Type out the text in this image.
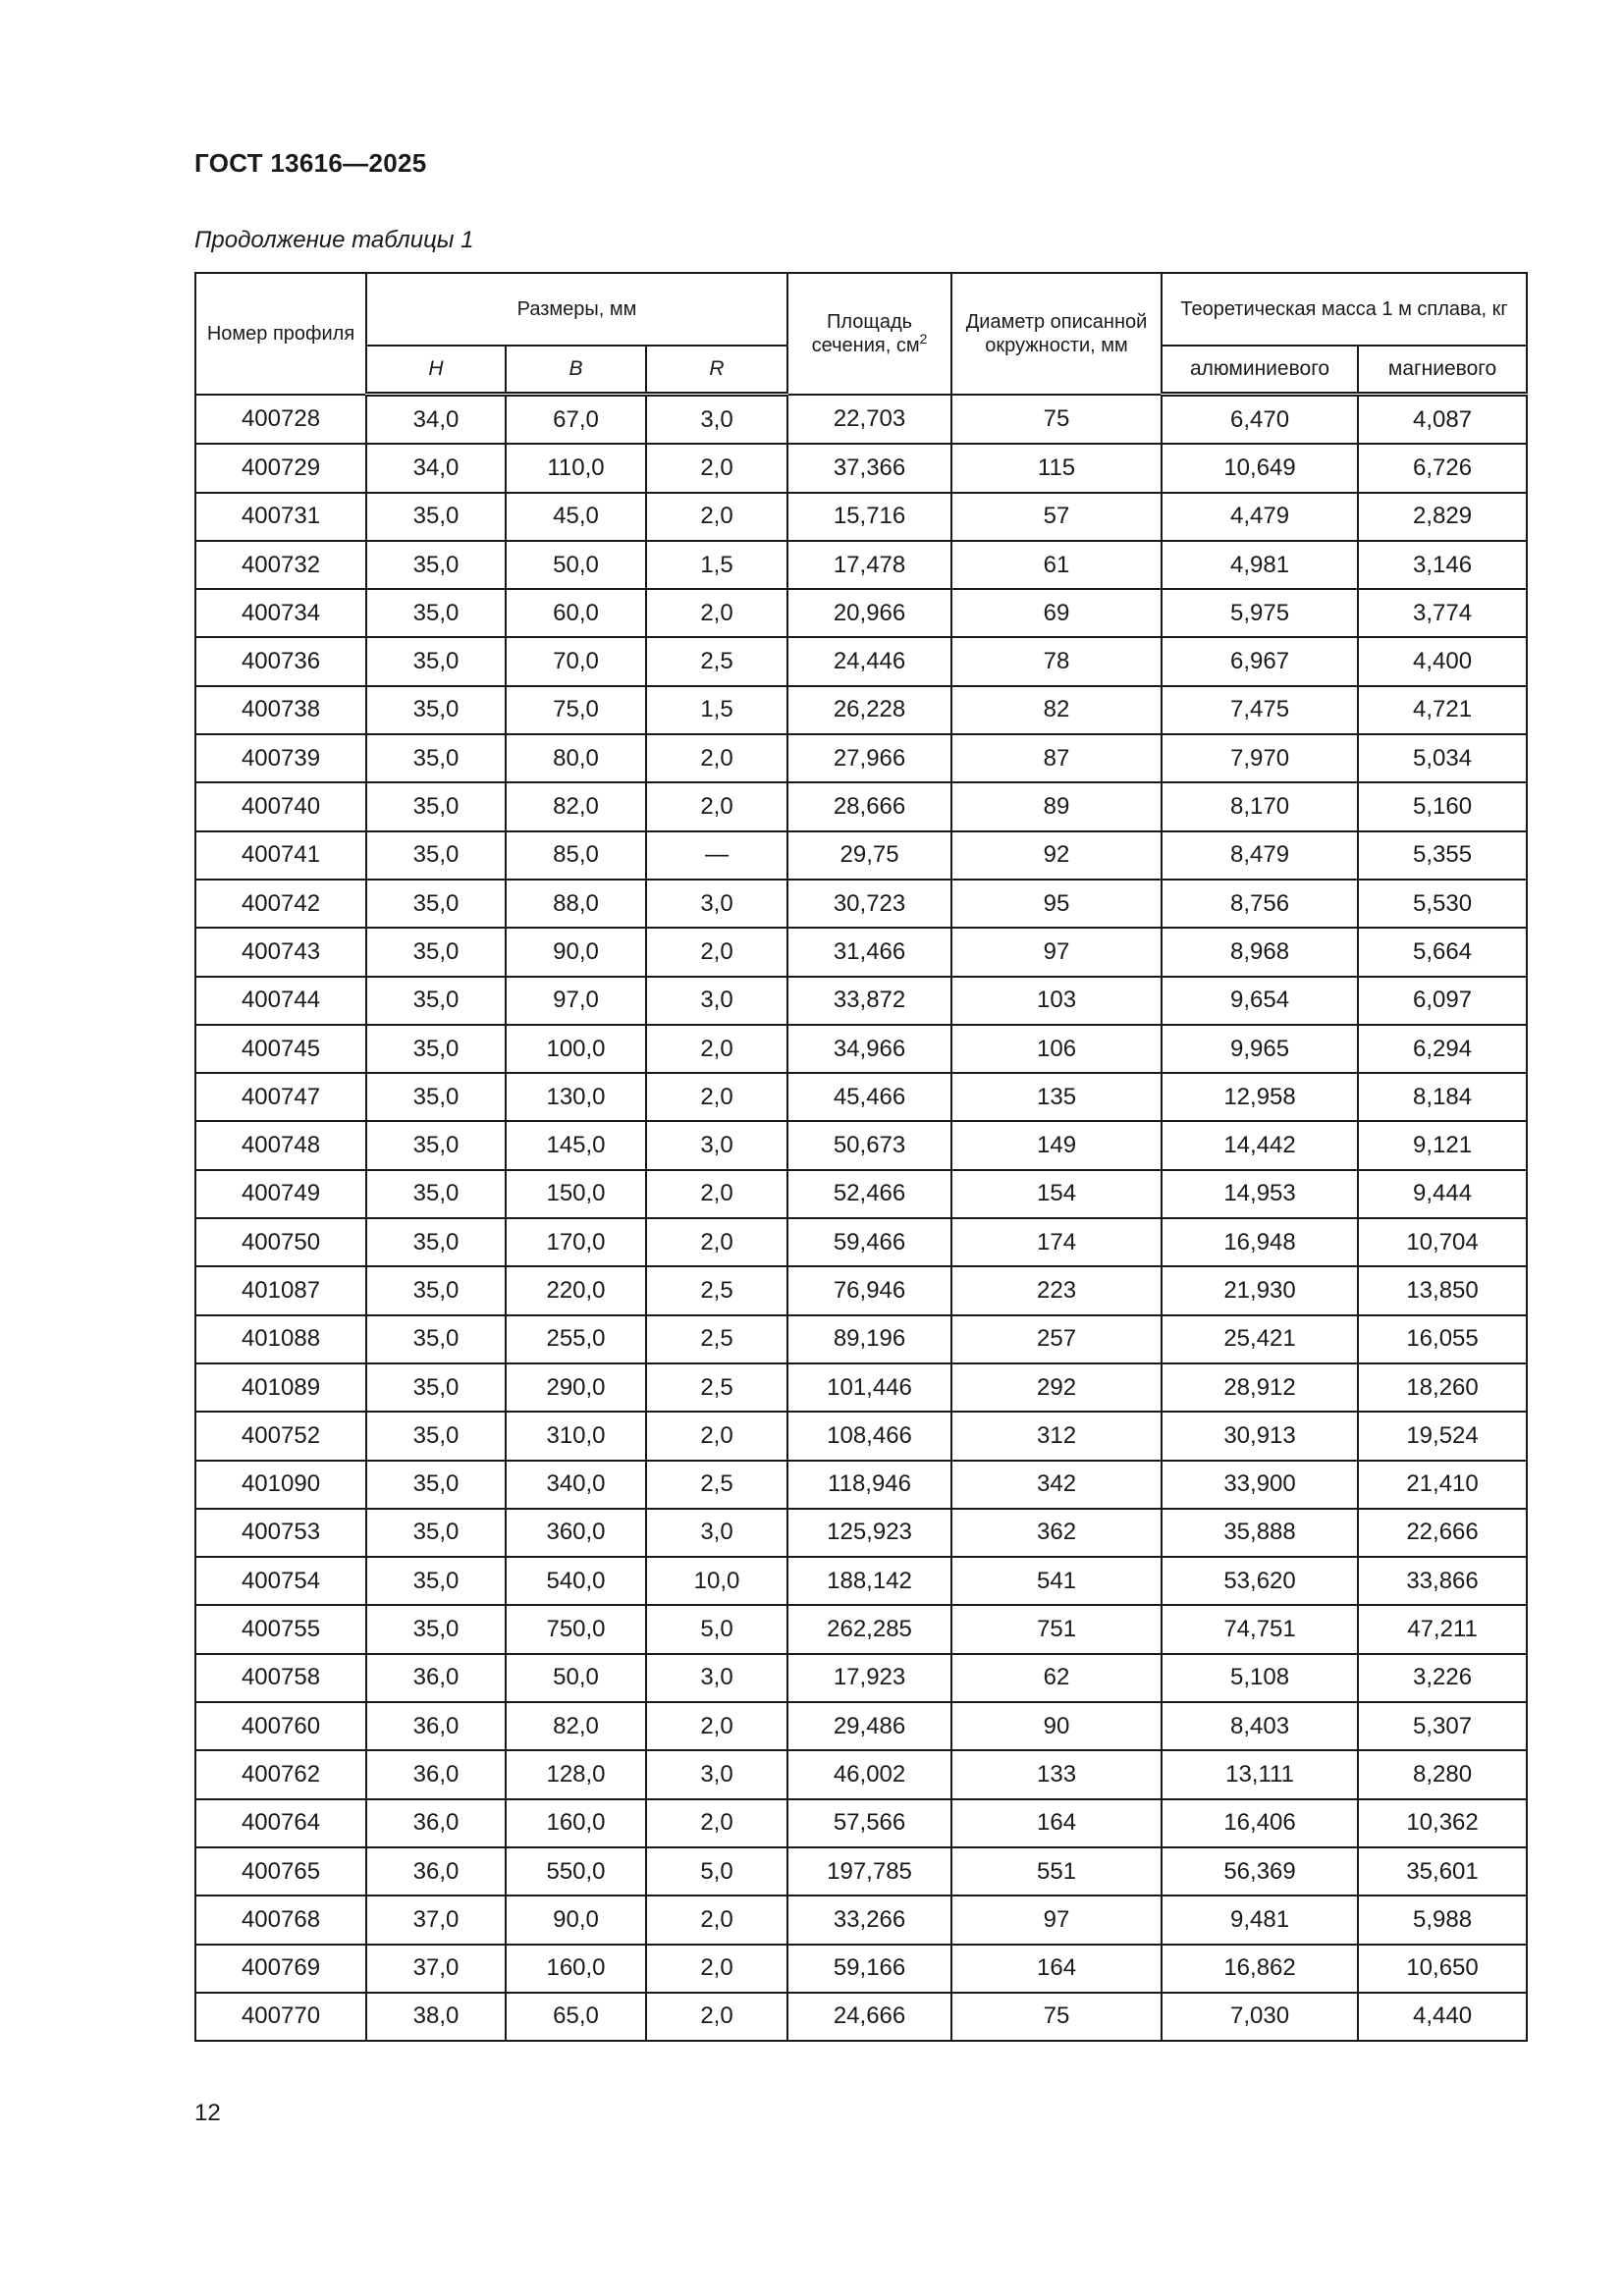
ГОСТ 13616—2025
Продолжение таблицы 1
Номер профиля	Размеры, мм			Площадь сечения, $см^2$	Диаметр описанной окружности, мм	Теоретическая масса 1 м сплава, кг	
	H	B	R			алюминиевого	магниевого
400728	34,0	67,0	3,0	22,703	75	6,470	4,087
400729	34,0	110,0	2,0	37,366	115	10,649	6,726
400731	35,0	45,0	2,0	15,716	57	4,479	2,829
400732	35,0	50,0	1,5	17,478	61	4,981	3,146
400734	35,0	60,0	2,0	20,966	69	5,975	3,774
400736	35,0	70,0	2,5	24,446	78	6,967	4,400
400738	35,0	75,0	1,5	26,228	82	7,475	4,721
400739	35,0	80,0	2,0	27,966	87	7,970	5,034
400740	35,0	82,0	2,0	28,666	89	8,170	5,160
400741	35,0	85,0	—	29,75	92	8,479	5,355
400742	35,0	88,0	3,0	30,723	95	8,756	5,530
400743	35,0	90,0	2,0	31,466	97	8,968	5,664
400744	35,0	97,0	3,0	33,872	103	9,654	6,097
400745	35,0	100,0	2,0	34,966	106	9,965	6,294
400747	35,0	130,0	2,0	45,466	135	12,958	8,184
400748	35,0	145,0	3,0	50,673	149	14,442	9,121
400749	35,0	150,0	2,0	52,466	154	14,953	9,444
400750	35,0	170,0	2,0	59,466	174	16,948	10,704
401087	35,0	220,0	2,5	76,946	223	21,930	13,850
401088	35,0	255,0	2,5	89,196	257	25,421	16,055
401089	35,0	290,0	2,5	101,446	292	28,912	18,260
400752	35,0	310,0	2,0	108,466	312	30,913	19,524
401090	35,0	340,0	2,5	118,946	342	33,900	21,410
400753	35,0	360,0	3,0	125,923	362	35,888	22,666
400754	35,0	540,0	10,0	188,142	541	53,620	33,866
400755	35,0	750,0	5,0	262,285	751	74,751	47,211
400758	36,0	50,0	3,0	17,923	62	5,108	3,226
400760	36,0	82,0	2,0	29,486	90	8,403	5,307
400762	36,0	128,0	3,0	46,002	133	13,111	8,280
400764	36,0	160,0	2,0	57,566	164	16,406	10,362
400765	36,0	550,0	5,0	197,785	551	56,369	35,601
400768	37,0	90,0	2,0	33,266	97	9,481	5,988
400769	37,0	160,0	2,0	59,166	164	16,862	10,650
400770	38,0	65,0	2,0	24,666	75	7,030	4,440
12
